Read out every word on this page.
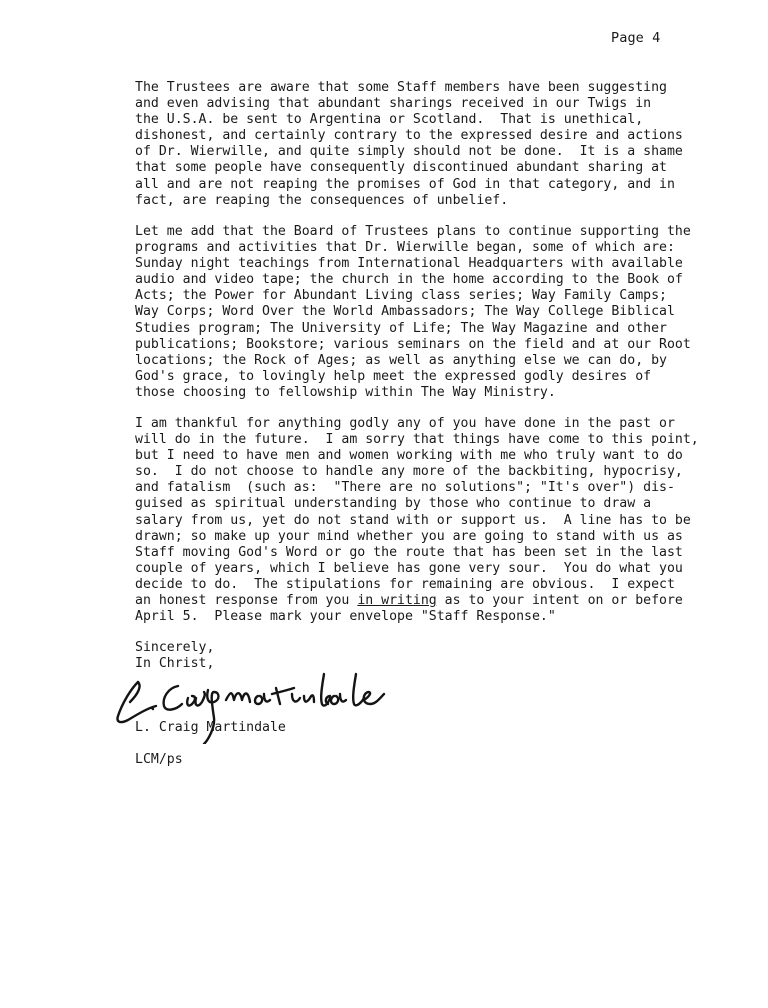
Page 4

The Trustees are aware that some Staff members have been suggesting
and even advising that abundant sharings received in our Twigs in
the U.S.A. be sent to Argentina or Scotland.  That is unethical,
dishonest, and certainly contrary to the expressed desire and actions
of Dr. Wierwille, and quite simply should not be done.  It is a shame
that some people have consequently discontinued abundant sharing at
all and are not reaping the promises of God in that category, and in
fact, are reaping the consequences of unbelief.

Let me add that the Board of Trustees plans to continue supporting the
programs and activities that Dr. Wierwille began, some of which are:
Sunday night teachings from International Headquarters with available
audio and video tape; the church in the home according to the Book of
Acts; the Power for Abundant Living class series; Way Family Camps;
Way Corps; Word Over the World Ambassadors; The Way College Biblical
Studies program; The University of Life; The Way Magazine and other
publications; Bookstore; various seminars on the field and at our Root
locations; the Rock of Ages; as well as anything else we can do, by
God's grace, to lovingly help meet the expressed godly desires of
those choosing to fellowship within The Way Ministry.

I am thankful for anything godly any of you have done in the past or
will do in the future.  I am sorry that things have come to this point,
but I need to have men and women working with me who truly want to do
so.  I do not choose to handle any more of the backbiting, hypocrisy,
and fatalism  (such as:  "There are no solutions"; "It's over") dis-
guised as spiritual understanding by those who continue to draw a
salary from us, yet do not stand with or support us.  A line has to be
drawn; so make up your mind whether you are going to stand with us as
Staff moving God's Word or go the route that has been set in the last
couple of years, which I believe has gone very sour.  You do what you
decide to do.  The stipulations for remaining are obvious.  I expect
an honest response from you in writing as to your intent on or before
April 5.  Please mark your envelope "Staff Response."

Sincerely,
In Christ,
L. Craig Martindale
LCM/ps
